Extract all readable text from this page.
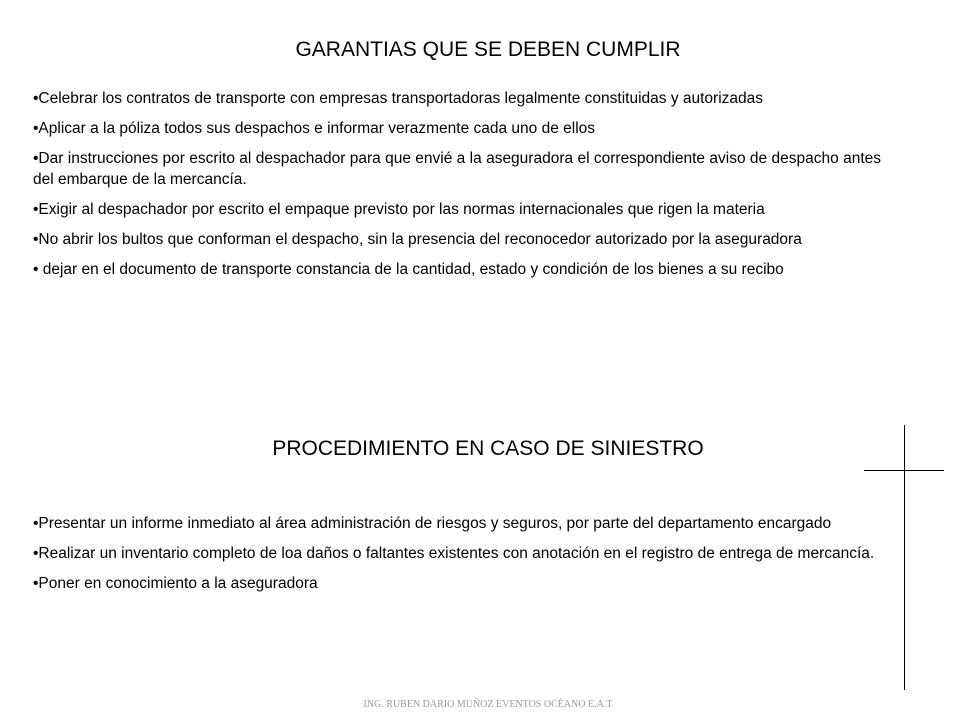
GARANTIAS QUE SE DEBEN CUMPLIR
•Celebrar los contratos de transporte con empresas transportadoras legalmente constituidas y autorizadas
•Aplicar a la póliza todos sus despachos e informar verazmente cada uno de ellos
•Dar instrucciones por escrito al despachador para que envié a la aseguradora el correspondiente aviso de despacho antes del embarque de la mercancía.
•Exigir al despachador por escrito el empaque previsto por las normas internacionales que rigen la materia
•No abrir los bultos que conforman el despacho, sin la presencia del reconocedor autorizado por la aseguradora
• dejar en el documento de transporte constancia de la cantidad, estado y condición de los bienes a su recibo
PROCEDIMIENTO EN CASO DE SINIESTRO
•Presentar un informe inmediato al área administración de riesgos y seguros, por parte del departamento encargado
•Realizar un inventario completo de loa daños o faltantes existentes con anotación en el registro de entrega de mercancía.
•Poner en conocimiento a la aseguradora
ING. RUBEN DARIO MUÑOZ EVENTOS OCÉANO E.A.T
